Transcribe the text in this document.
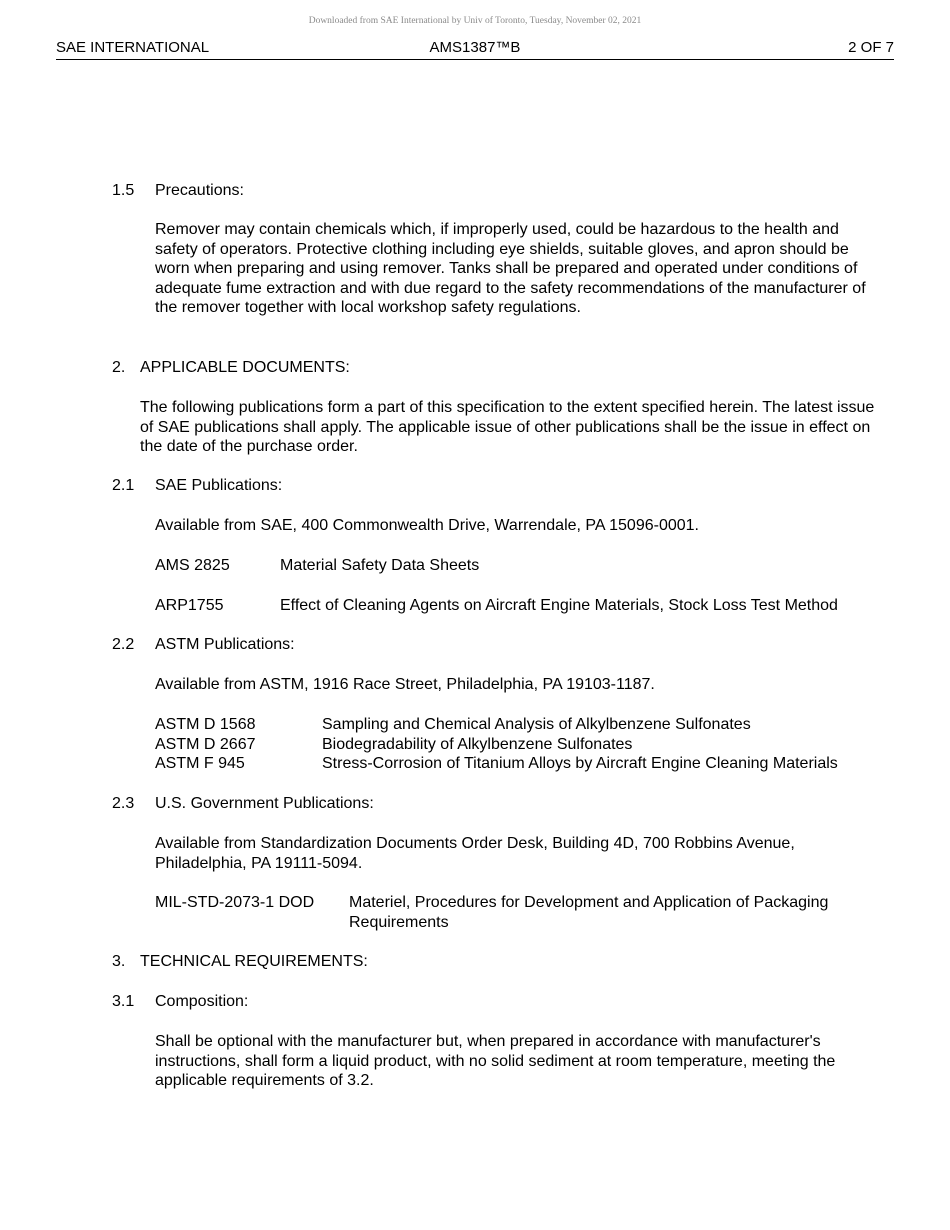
Downloaded from SAE International by Univ of Toronto, Tuesday, November 02, 2021
SAE INTERNATIONAL	AMS1387™B	2 OF 7
1.5 Precautions:

Remover may contain chemicals which, if improperly used, could be hazardous to the health and safety of operators. Protective clothing including eye shields, suitable gloves, and apron should be worn when preparing and using remover. Tanks shall be prepared and operated under conditions of adequate fume extraction and with due regard to the safety recommendations of the manufacturer of the remover together with local workshop safety regulations.

2. APPLICABLE DOCUMENTS:

The following publications form a part of this specification to the extent specified herein. The latest issue of SAE publications shall apply. The applicable issue of other publications shall be the issue in effect on the date of the purchase order.

2.1 SAE Publications:

Available from SAE, 400 Commonwealth Drive, Warrendale, PA 15096-0001.

AMS 2825	Material Safety Data Sheets
ARP1755	Effect of Cleaning Agents on Aircraft Engine Materials, Stock Loss Test Method
2.2 ASTM Publications:

Available from ASTM, 1916 Race Street, Philadelphia, PA 19103-1187.

ASTM D 1568	Sampling and Chemical Analysis of Alkylbenzene Sulfonates
ASTM D 2667	Biodegradability of Alkylbenzene Sulfonates
ASTM F 945	Stress-Corrosion of Titanium Alloys by Aircraft Engine Cleaning Materials
2.3 U.S. Government Publications:

Available from Standardization Documents Order Desk, Building 4D, 700 Robbins Avenue, Philadelphia, PA 19111-5094.

MIL-STD-2073-1 DOD Materiel, Procedures for Development and Application of Packaging Requirements
3. TECHNICAL REQUIREMENTS:
3.1 Composition:

Shall be optional with the manufacturer but, when prepared in accordance with manufacturer's instructions, shall form a liquid product, with no solid sediment at room temperature, meeting the applicable requirements of 3.2.
